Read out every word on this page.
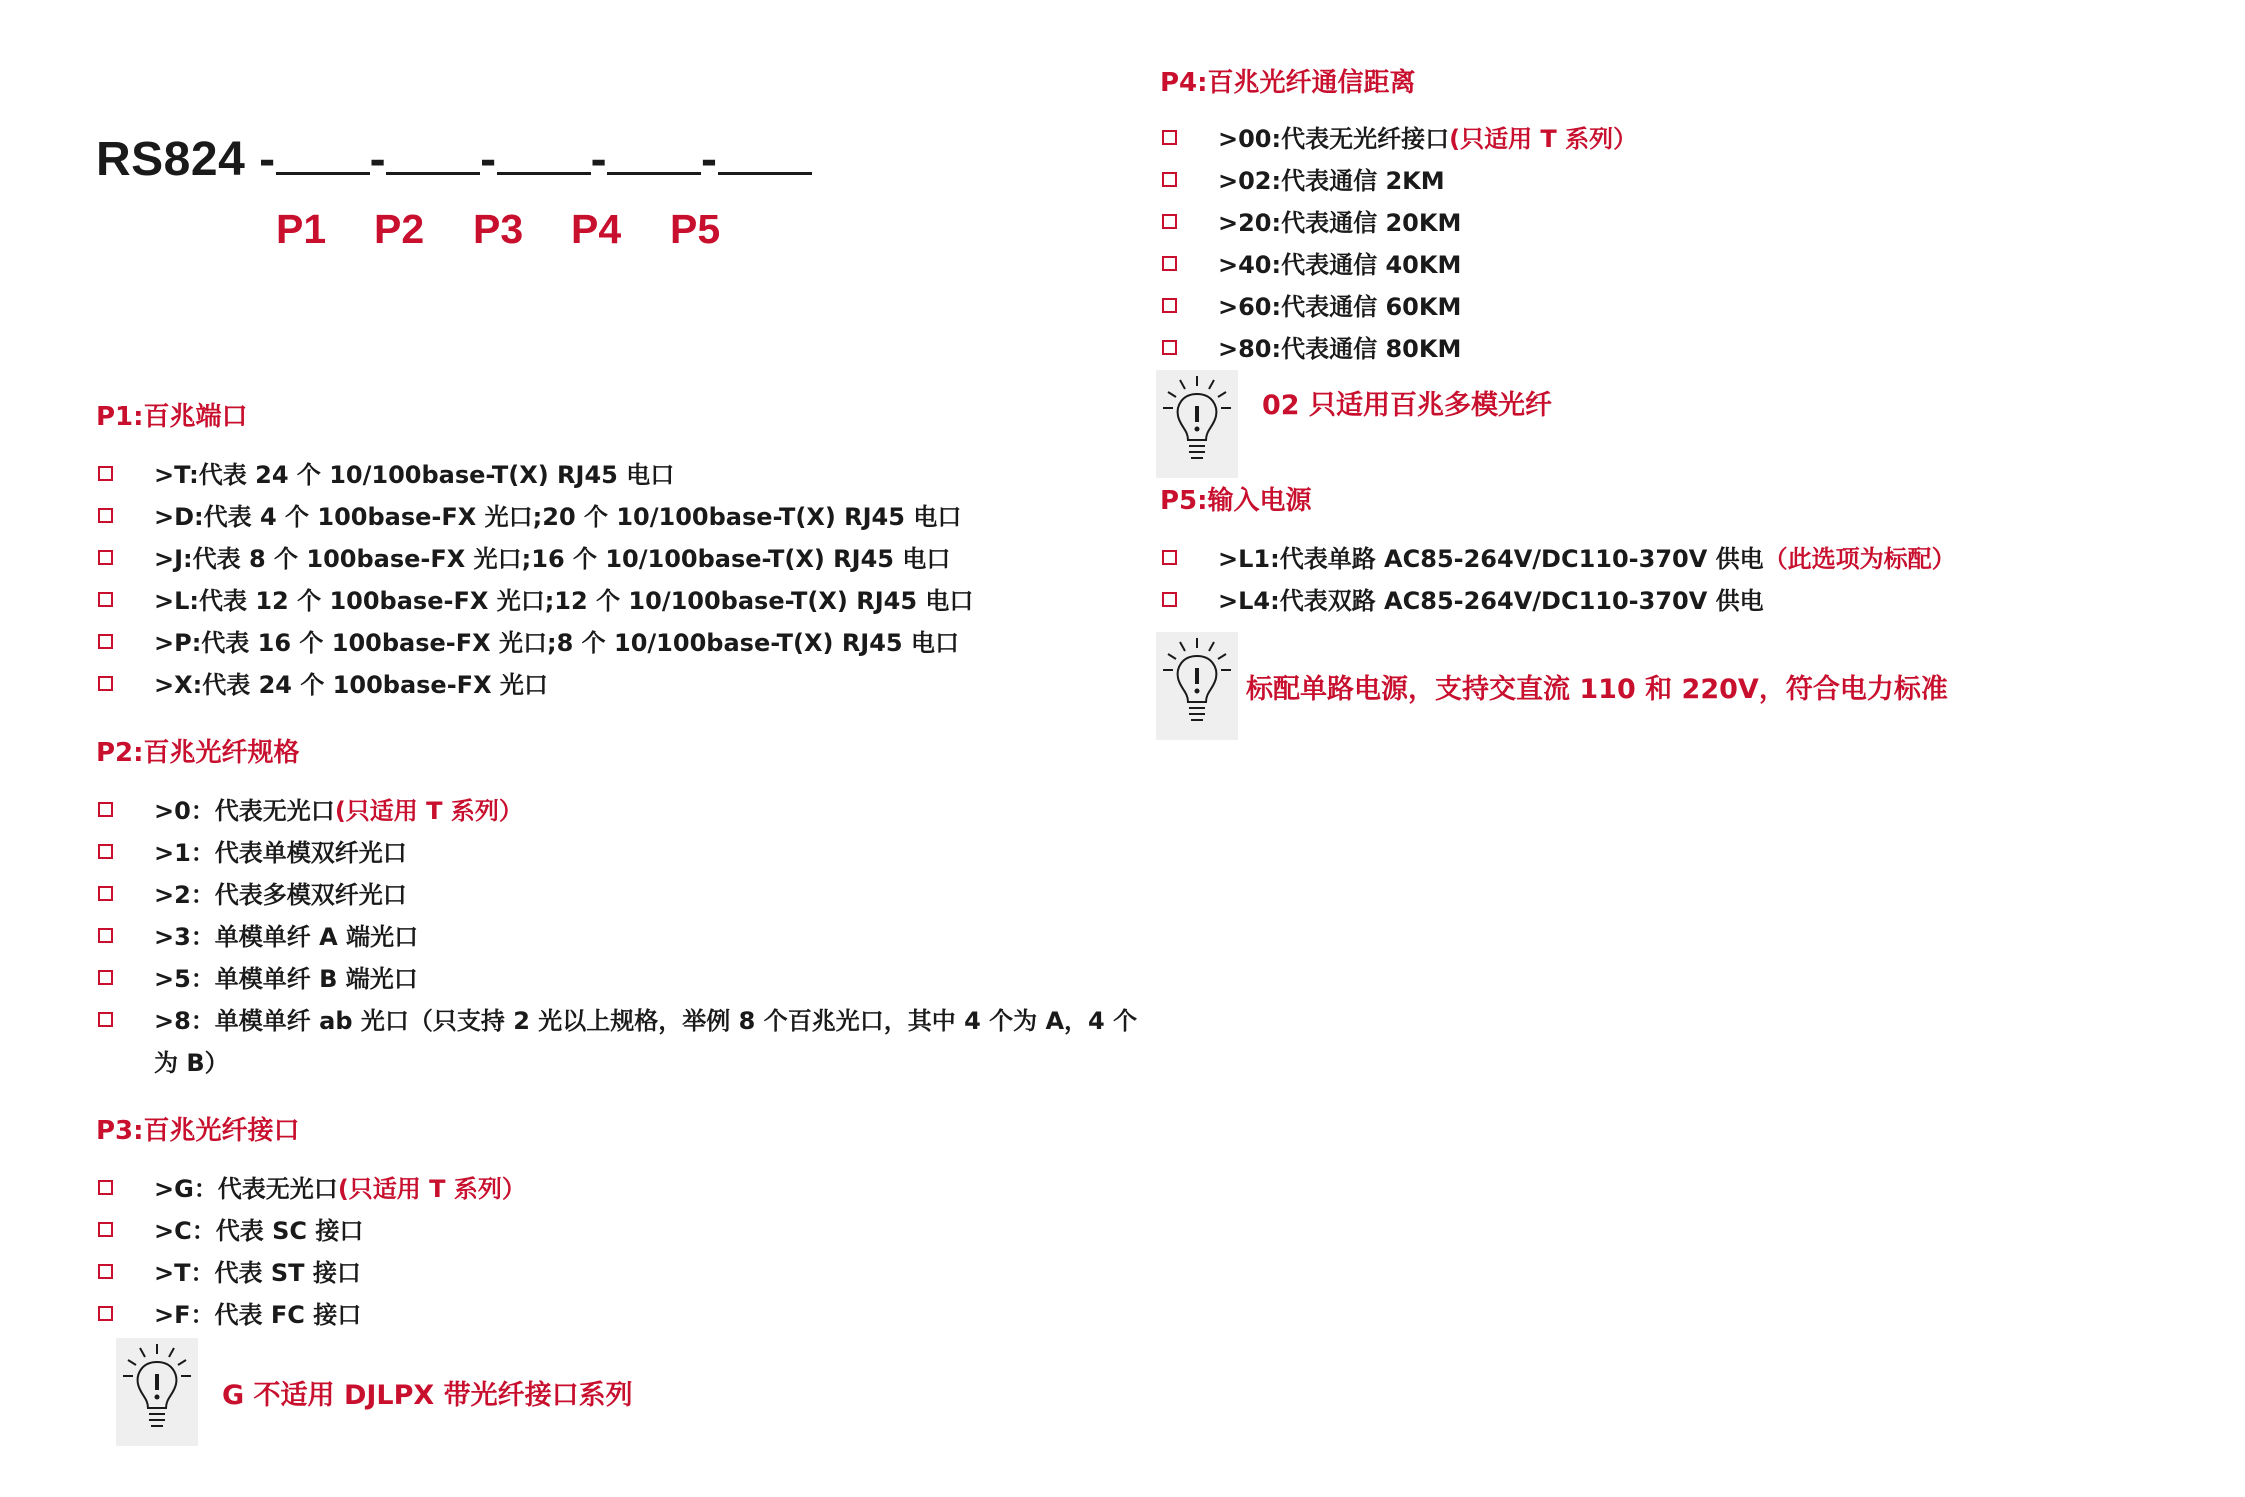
RS824 - - - - -
P1 P2 P3 P4 P5
P1:百兆端口
>T:代表 24 个 10/100base-T(X) RJ45 电口
>D:代表 4 个 100base-FX 光口;20 个 10/100base-T(X) RJ45 电口
>J:代表 8 个 100base-FX 光口;16 个 10/100base-T(X) RJ45 电口
>L:代表 12 个 100base-FX 光口;12 个 10/100base-T(X) RJ45 电口
>P:代表 16 个 100base-FX 光口;8 个 10/100base-T(X) RJ45 电口
>X:代表 24 个 100base-FX 光口
P2:百兆光纤规格
>0：代表无光口(只适用 T 系列）
>1：代表单模双纤光口
>2：代表多模双纤光口
>3：单模单纤 A 端光口
>5：单模单纤 B 端光口
>8：单模单纤 ab 光口（只支持 2 光以上规格，举例 8 个百兆光口，其中 4 个为 A，4 个
为 B）
P3:百兆光纤接口
>G：代表无光口(只适用 T 系列）
>C：代表 SC 接口
>T：代表 ST 接口
>F：代表 FC 接口
G 不适用 DJLPX 带光纤接口系列
P4:百兆光纤通信距离
>00:代表无光纤接口(只适用 T 系列）
>02:代表通信 2KM
>20:代表通信 20KM
>40:代表通信 40KM
>60:代表通信 60KM
>80:代表通信 80KM
02 只适用百兆多模光纤
P5:输入电源
>L1:代表单路 AC85-264V/DC110-370V 供电（此选项为标配）
>L4:代表双路 AC85-264V/DC110-370V 供电
标配单路电源，支持交直流 110 和 220V，符合电力标准
